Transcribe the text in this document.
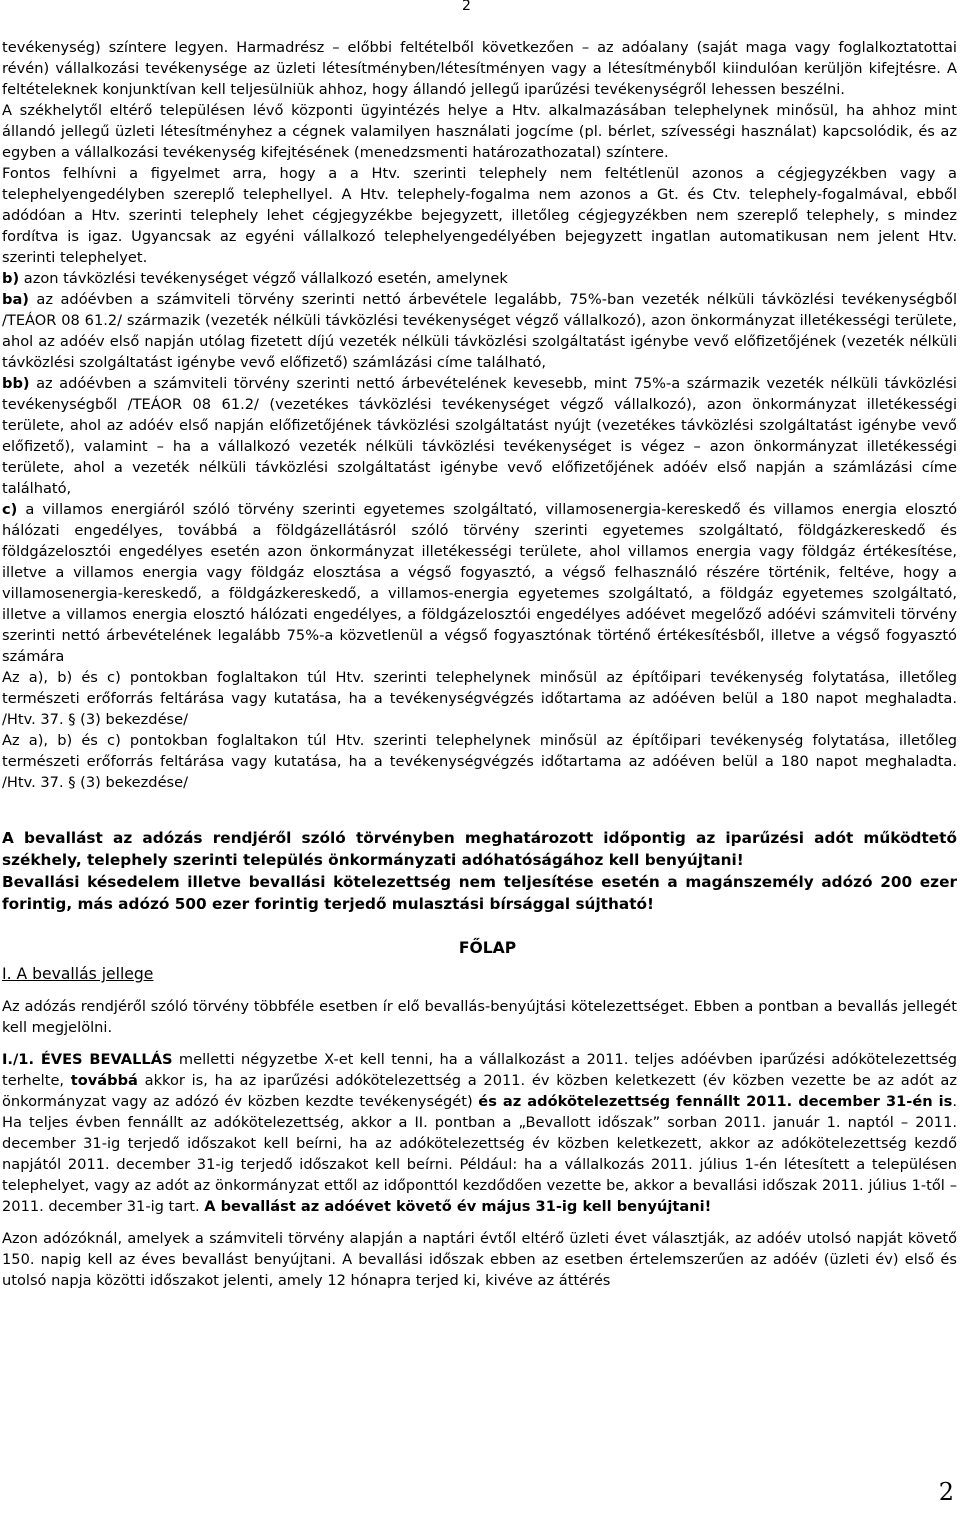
2

tevékenység) színtere legyen. Harmadrész – előbbi feltételből következően – az adóalany (saját maga vagy foglalkoztatottai révén) vállalkozási tevékenysége az üzleti létesítményben/létesítményen vagy a létesítményből kiindulóan kerüljön kifejtésre. A feltételeknek konjunktívan kell teljesülniük ahhoz, hogy állandó jellegű iparűzési tevékenységről lehessen beszélni.

A székhelytől eltérő településen lévő központi ügyintézés helye a Htv. alkalmazásában telephelynek minősül, ha ahhoz mint állandó jellegű üzleti létesítményhez a cégnek valamilyen használati jogcíme (pl. bérlet, szívességi használat) kapcsolódik, és az egyben a vállalkozási tevékenység kifejtésének (menedzsmenti határozathozatal) színtere.

Fontos felhívni a figyelmet arra, hogy a a Htv. szerinti telephely nem feltétlenül azonos a cégjegyzékben vagy a telephelyengedélyben szereplő telephellyel. A Htv. telephely-fogalma nem azonos a Gt. és Ctv. telephely-fogalmával, ebből adódóan a Htv. szerinti telephely lehet cégjegyzékbe bejegyzett, illetőleg cégjegyzékben nem szereplő telephely, s mindez fordítva is igaz. Ugyancsak az egyéni vállalkozó telephelyengedélyében bejegyzett ingatlan automatikusan nem jelent Htv. szerinti telephelyet.

b) azon távközlési tevékenységet végző vállalkozó esetén, amelynek

ba) az adóévben a számviteli törvény szerinti nettó árbevétele legalább, 75%-ban vezeték nélküli távközlési tevékenységből /TEÁOR 08 61.2/ származik (vezeték nélküli távközlési tevékenységet végző vállalkozó), azon önkormányzat illetékességi területe, ahol az adóév első napján utólag fizetett díjú vezeték nélküli távközlési szolgáltatást igénybe vevő előfizetőjének (vezeték nélküli távközlési szolgáltatást igénybe vevő előfizető) számlázási címe található,

bb) az adóévben a számviteli törvény szerinti nettó árbevételének kevesebb, mint 75%-a származik vezeték nélküli távközlési tevékenységből /TEÁOR 08 61.2/ (vezetékes távközlési tevékenységet végző vállalkozó), azon önkormányzat illetékességi területe, ahol az adóév első napján előfizetőjének távközlési szolgáltatást nyújt (vezetékes távközlési szolgáltatást igénybe vevő előfizető), valamint – ha a vállalkozó vezeték nélküli távközlési tevékenységet is végez – azon önkormányzat illetékességi területe, ahol a vezeték nélküli távközlési szolgáltatást igénybe vevő előfizetőjének adóév első napján a számlázási címe található,

c) a villamos energiáról szóló törvény szerinti egyetemes szolgáltató, villamosenergia-kereskedő és villamos energia elosztó hálózati engedélyes, továbbá a földgázellátásról szóló törvény szerinti egyetemes szolgáltató, földgázkereskedő és földgázelosztói engedélyes esetén azon önkormányzat illetékességi területe, ahol villamos energia vagy földgáz értékesítése, illetve a villamos energia vagy földgáz elosztása a végső fogyasztó, a végső felhasználó részére történik, feltéve, hogy a villamosenergia-kereskedő, a földgázkereskedő, a villamos-energia egyetemes szolgáltató, a földgáz egyetemes szolgáltató, illetve a villamos energia elosztó hálózati engedélyes, a földgázelosztói engedélyes adóévet megelőző adóévi számviteli törvény szerinti nettó árbevételének legalább 75%-a közvetlenül a végső fogyasztónak történő értékesítésből, illetve a végső fogyasztó számára

Az a), b) és c) pontokban foglaltakon túl Htv. szerinti telephelynek minősül az építőipari tevékenység folytatása, illetőleg természeti erőforrás feltárása vagy kutatása, ha a tevékenységvégzés időtartama az adóéven belül a 180 napot meghaladta. /Htv. 37. § (3) bekezdése/

Az a), b) és c) pontokban foglaltakon túl Htv. szerinti telephelynek minősül az építőipari tevékenység folytatása, illetőleg természeti erőforrás feltárása vagy kutatása, ha a tevékenységvégzés időtartama az adóéven belül a 180 napot meghaladta. /Htv. 37. § (3) bekezdése/

A bevallást az adózás rendjéről szóló törvényben meghatározott időpontig az iparűzési adót működtető székhely, telephely szerinti település önkormányzati adóhatóságához kell benyújtani!

Bevallási késedelem illetve bevallási kötelezettség nem teljesítése esetén a magánszemély adózó 200 ezer forintig, más adózó 500 ezer forintig terjedő mulasztási bírsággal sújtható!

FŐLAP

I. A bevallás jellege

Az adózás rendjéről szóló törvény többféle esetben ír elő bevallás-benyújtási kötelezettséget. Ebben a pontban a bevallás jellegét kell megjelölni.

I./1. ÉVES BEVALLÁS melletti négyzetbe X-et kell tenni, ha a vállalkozást a 2011. teljes adóévben iparűzési adókötelezettség terhelte, továbbá akkor is, ha az iparűzési adókötelezettség a 2011. év közben keletkezett (év közben vezette be az adót az önkormányzat vagy az adózó év közben kezdte tevékenységét) és az adókötelezettség fennállt 2011. december 31-én is. Ha teljes évben fennállt az adókötelezettség, akkor a II. pontban a „Bevallott időszak” sorban 2011. január 1. naptól – 2011. december 31-ig terjedő időszakot kell beírni, ha az adókötelezettség év közben keletkezett, akkor az adókötelezettség kezdő napjától 2011. december 31-ig terjedő időszakot kell beírni. Például: ha a vállalkozás 2011. július 1-én létesített a településen telephelyet, vagy az adót az önkormányzat ettől az időponttól kezdődően vezette be, akkor a bevallási időszak 2011. július 1-től – 2011. december 31-ig tart. A bevallást az adóévet követő év május 31-ig kell benyújtani!

Azon adózóknál, amelyek a számviteli törvény alapján a naptári évtől eltérő üzleti évet választják, az adóév utolsó napját követő 150. napig kell az éves bevallást benyújtani. A bevallási időszak ebben az esetben értelemszerűen az adóév (üzleti év) első és utolsó napja közötti időszakot jelenti, amely 12 hónapra terjed ki, kivéve az áttérés

2
